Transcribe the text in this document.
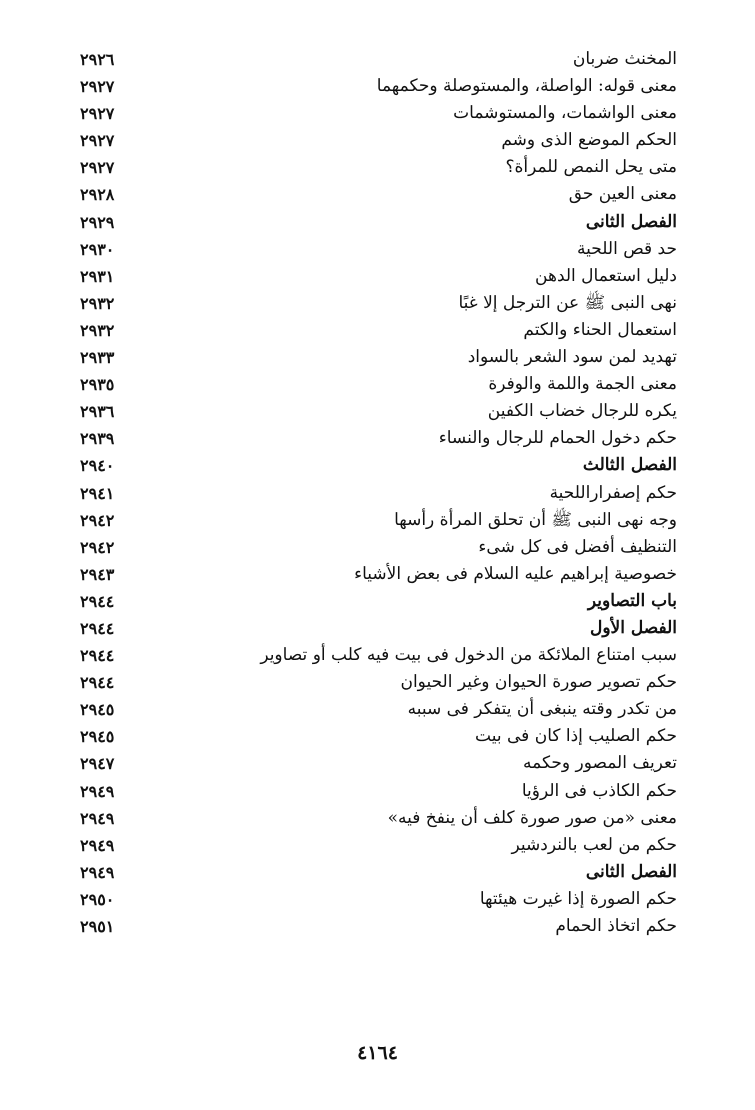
المخنث ضربان
٢٩٢٦
معنى قوله: الواصلة، والمستوصلة وحكمهما
٢٩٢٧
معنى الواشمات، والمستوشمات
٢٩٢٧
الحكم الموضع الذى وشم
٢٩٢٧
متى يحل النمص للمرأة؟
٢٩٢٧
معنى العين حق
٢٩٢٨
الفصل الثانى
٢٩٢٩
حد قص اللحية
٢٩٣٠
دليل استعمال الدهن
٢٩٣١
نهى النبى ﷺ عن الترجل إلا غبًا
٢٩٣٢
استعمال الحناء والكتم
٢٩٣٢
تهديد لمن سود الشعر بالسواد
٢٩٣٣
معنى الجمة واللمة والوفرة
٢٩٣٥
يكره للرجال خضاب الكفين
٢٩٣٦
حكم دخول الحمام للرجال والنساء
٢٩٣٩
الفصل الثالث
٢٩٤٠
حكم إصفراراللحية
٢٩٤١
وجه نهى النبى ﷺ أن تحلق المرأة رأسها
٢٩٤٢
التنظيف أفضل فى كل شىء
٢٩٤٢
خصوصية إبراهيم عليه السلام فى بعض الأشياء
٢٩٤٣
باب التصاوير
٢٩٤٤
الفصل الأول
٢٩٤٤
سبب امتناع الملائكة من الدخول فى بيت فيه كلب أو تصاوير
٢٩٤٤
حكم تصوير صورة الحيوان وغير الحيوان
٢٩٤٤
من تكدر وقته ينبغى أن يتفكر فى سببه
٢٩٤٥
حكم الصليب إذا كان فى بيت
٢٩٤٥
تعريف المصور وحكمه
٢٩٤٧
حكم الكاذب فى الرؤيا
٢٩٤٩
معنى «من صور صورة كلف أن ينفخ فيه»
٢٩٤٩
حكم من لعب بالنردشير
٢٩٤٩
الفصل الثانى
٢٩٤٩
حكم الصورة إذا غيرت هيئتها
٢٩٥٠
حكم اتخاذ الحمام
٢٩٥١
٤١٦٤
